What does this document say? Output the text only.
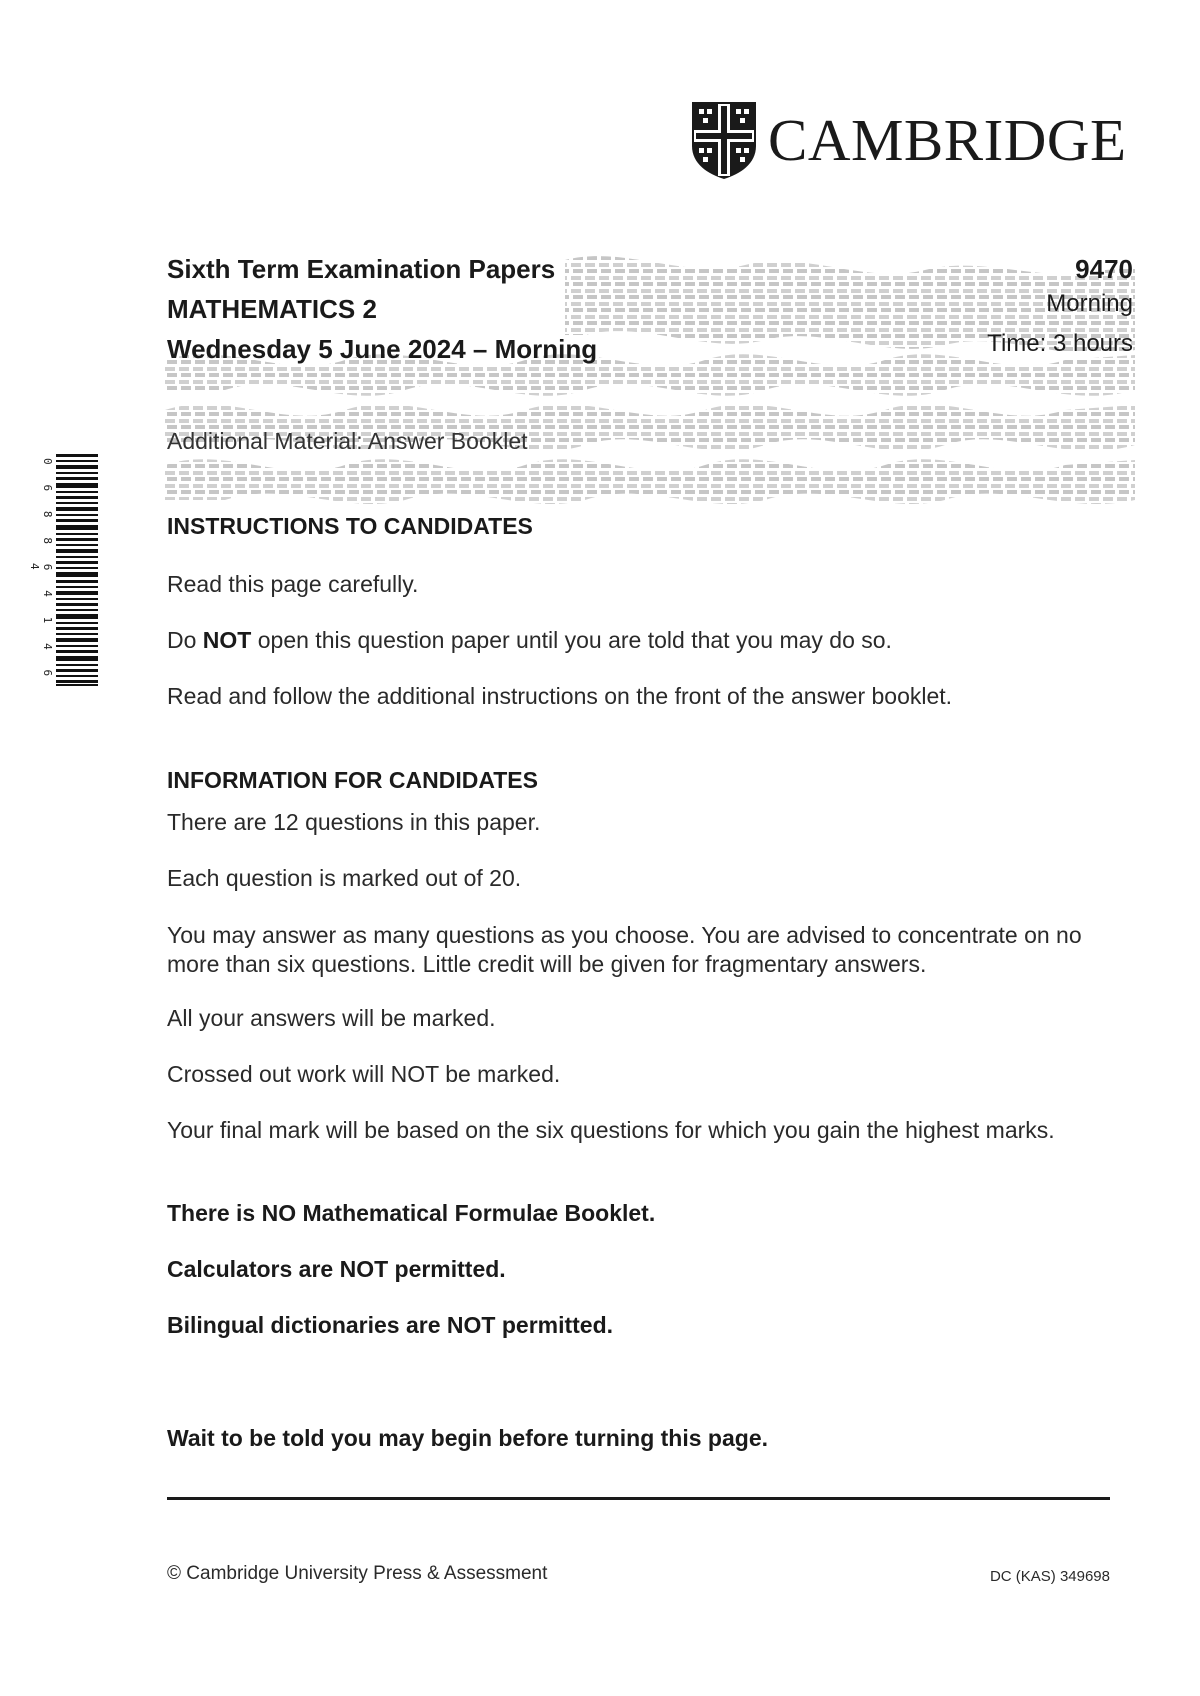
CAMBRIDGE
Sixth Term Examination Papers
MATHEMATICS 2
Wednesday 5 June 2024 – Morning
9470
Morning
Time: 3 hours
Additional Material: Answer Booklet
0 6 8 8 6 4 1 4 6 4
INSTRUCTIONS TO CANDIDATES
Read this page carefully.
Do NOT open this question paper until you are told that you may do so.
Read and follow the additional instructions on the front of the answer booklet.
INFORMATION FOR CANDIDATES
There are 12 questions in this paper.
Each question is marked out of 20.
You may answer as many questions as you choose. You are advised to concentrate on no more than six questions. Little credit will be given for fragmentary answers.
All your answers will be marked.
Crossed out work will NOT be marked.
Your final mark will be based on the six questions for which you gain the highest marks.
There is NO Mathematical Formulae Booklet.
Calculators are NOT permitted.
Bilingual dictionaries are NOT permitted.
Wait to be told you may begin before turning this page.
© Cambridge University Press & Assessment	DC (KAS) 349698
